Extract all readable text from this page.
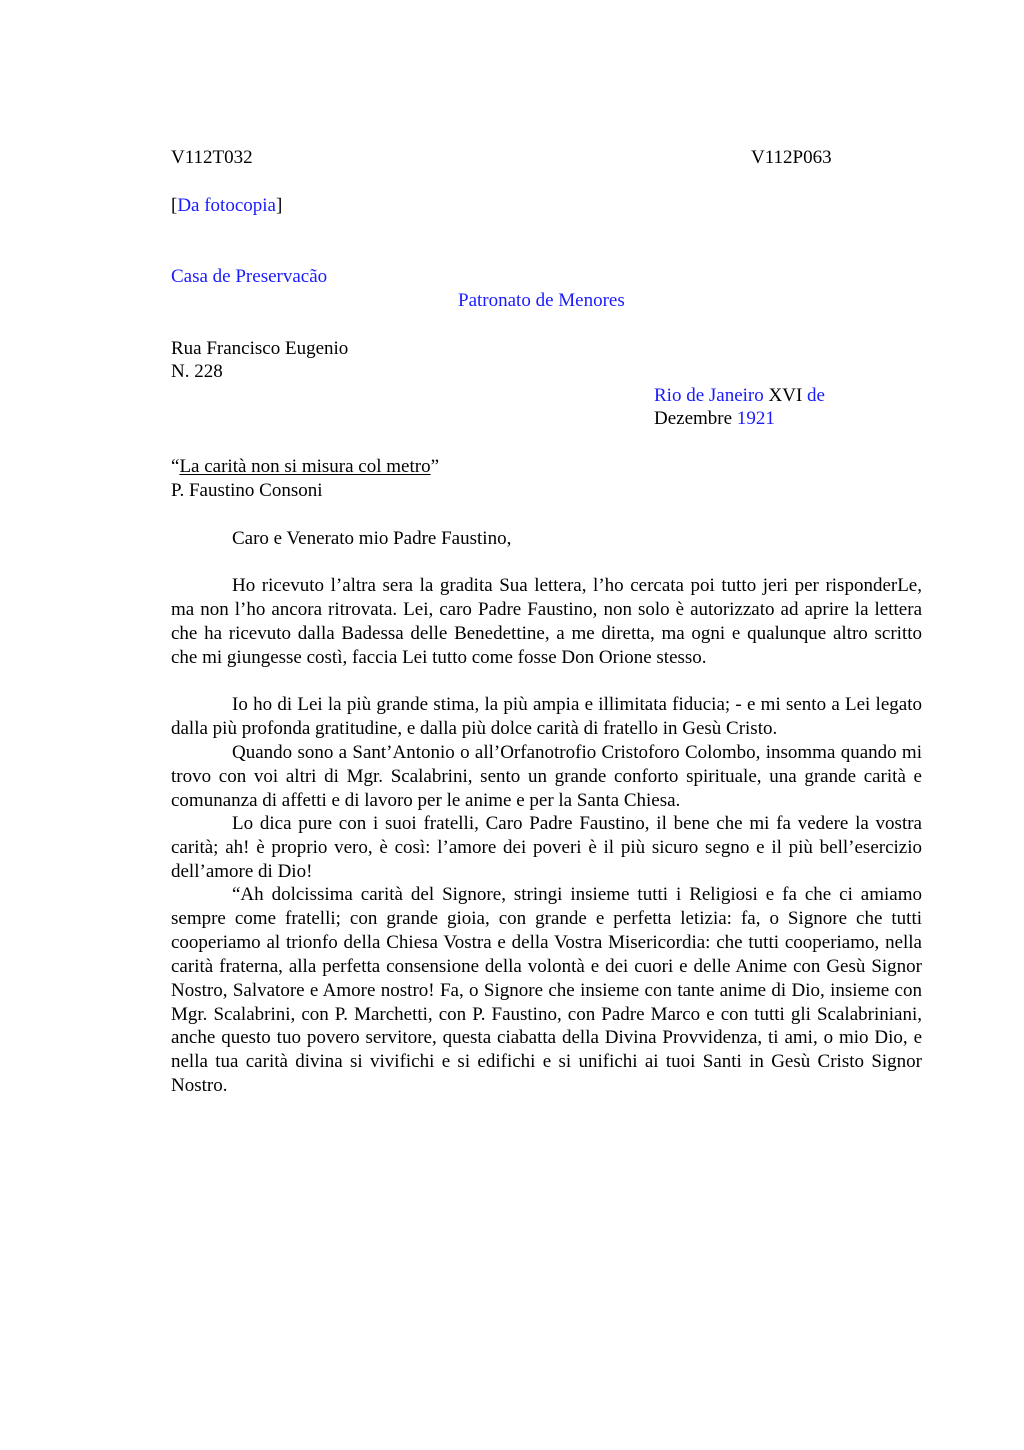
V112T032	V112P063
[Da fotocopia]
Casa de Preservacão
Patronato de Menores
Rua Francisco Eugenio
N. 228
Rio de Janeiro XVI de
Dezembre 1921
“La carità non si misura col metro”
P. Faustino Consoni
Caro e Venerato mio Padre Faustino,
Ho ricevuto l’altra sera la gradita Sua lettera, l’ho cercata poi tutto jeri per risponderLe, ma non l’ho ancora ritrovata. Lei, caro Padre Faustino, non solo è autorizzato ad aprire la lettera che ha ricevuto dalla Badessa delle Benedettine, a me diretta, ma ogni e qualunque altro scritto che mi giungesse costì, faccia Lei tutto come fosse Don Orione stesso.
Io ho di Lei la più grande stima, la più ampia e illimitata fiducia; - e mi sento a Lei legato dalla più profonda gratitudine, e dalla più dolce carità di fratello in Gesù Cristo.
Quando sono a Sant’Antonio o all’Orfanotrofio Cristoforo Colombo, insomma quando mi trovo con voi altri di Mgr. Scalabrini, sento un grande conforto spirituale, una grande carità e comunanza di affetti e di lavoro per le anime e per la Santa Chiesa.
Lo dica pure con i suoi fratelli, Caro Padre Faustino, il bene che mi fa vedere la vostra carità; ah! è proprio vero, è così: l’amore dei poveri è il più sicuro segno e il più bell’esercizio dell’amore di Dio!
“Ah dolcissima carità del Signore, stringi insieme tutti i Religiosi e fa che ci amiamo sempre come fratelli; con grande gioia, con grande e perfetta letizia: fa, o Signore che tutti cooperiamo al trionfo della Chiesa Vostra e della Vostra Misericordia: che tutti cooperiamo, nella carità fraterna, alla perfetta consensione della volontà e dei cuori e delle Anime con Gesù Signor Nostro, Salvatore e Amore nostro! Fa, o Signore che insieme con tante anime di Dio, insieme con Mgr. Scalabrini, con P. Marchetti, con P. Faustino, con Padre Marco e con tutti gli Scalabriniani, anche questo tuo povero servitore, questa ciabatta della Divina Provvidenza, ti ami, o mio Dio, e nella tua carità divina si vivifichi e si edifichi e si unifichi ai tuoi Santi in Gesù Cristo Signor Nostro.
